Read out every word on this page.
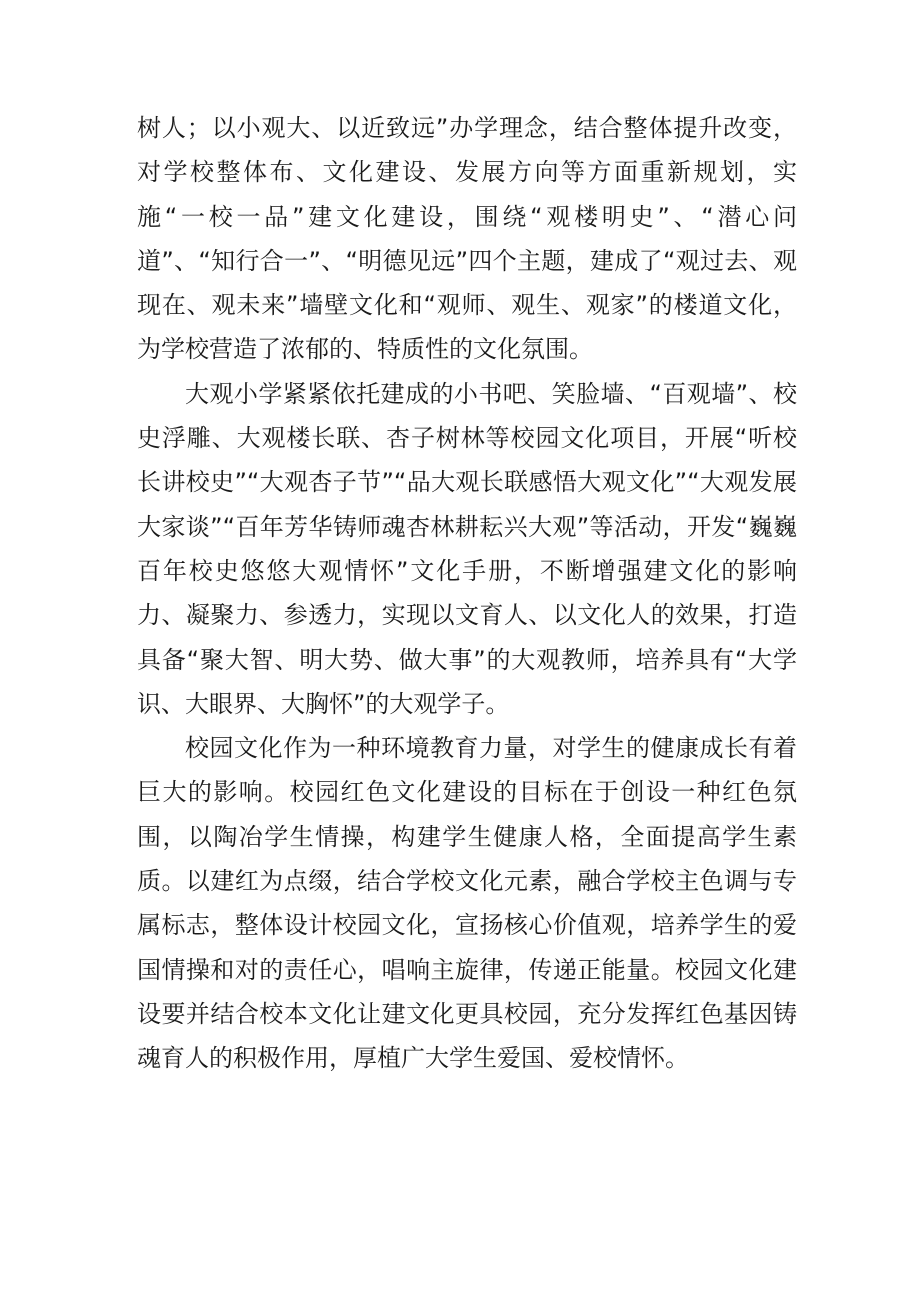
树人；以小观大、以近致远”办学理念，结合整体提升改变，对学校整体布、文化建设、发展方向等方面重新规划，实施“一校一品”建文化建设，围绕“观楼明史”、“潜心问道”、“知行合一”、“明德见远”四个主题，建成了“观过去、观现在、观未来”墙壁文化和“观师、观生、观家”的楼道文化，为学校营造了浓郁的、特质性的文化氛围。

大观小学紧紧依托建成的小书吧、笑脸墙、“百观墙”、校史浮雕、大观楼长联、杏子树林等校园文化项目，开展“听校长讲校史”“大观杏子节”“品大观长联感悟大观文化”“大观发展大家谈”“百年芳华铸师魂杏林耕耘兴大观”等活动，开发“巍巍百年校史悠悠大观情怀”文化手册，不断增强建文化的影响力、凝聚力、参透力，实现以文育人、以文化人的效果，打造具备“聚大智、明大势、做大事”的大观教师，培养具有“大学识、大眼界、大胸怀”的大观学子。

校园文化作为一种环境教育力量，对学生的健康成长有着巨大的影响。校园红色文化建设的目标在于创设一种红色氛围，以陶冶学生情操，构建学生健康人格，全面提高学生素质。以建红为点缀，结合学校文化元素，融合学校主色调与专属标志，整体设计校园文化，宣扬核心价值观，培养学生的爱国情操和对的责任心，唱响主旋律，传递正能量。校园文化建设要并结合校本文化让建文化更具校园，充分发挥红色基因铸魂育人的积极作用，厚植广大学生爱国、爱校情怀。
